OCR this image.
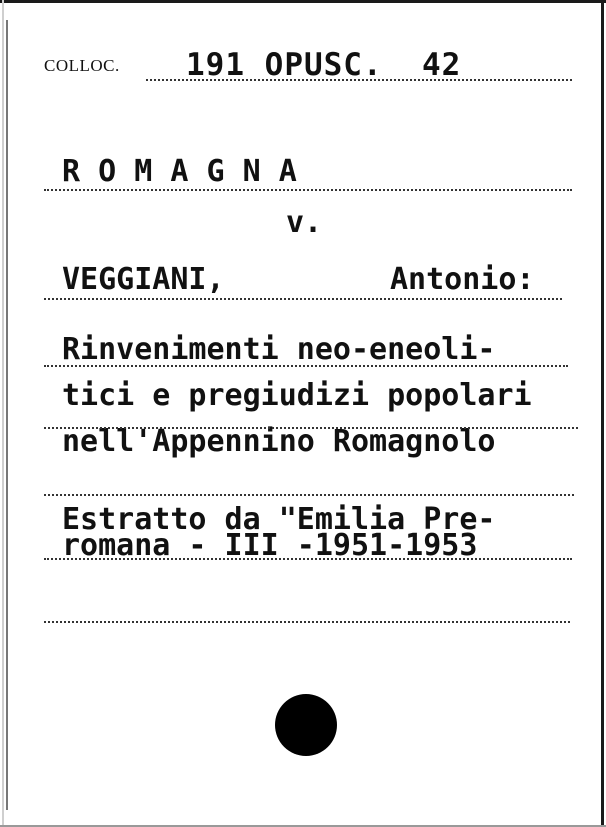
COLLOC. 191 OPUSC.  42
R O M A G N A
v.
VEGGIANI,	Antonio:
Rinvenimenti neo-eneoli-
tici e pregiudizi popolari
nell'Appennino Romagnolo
Estratto da "Emilia Pre-
romana - III -1951-1953
